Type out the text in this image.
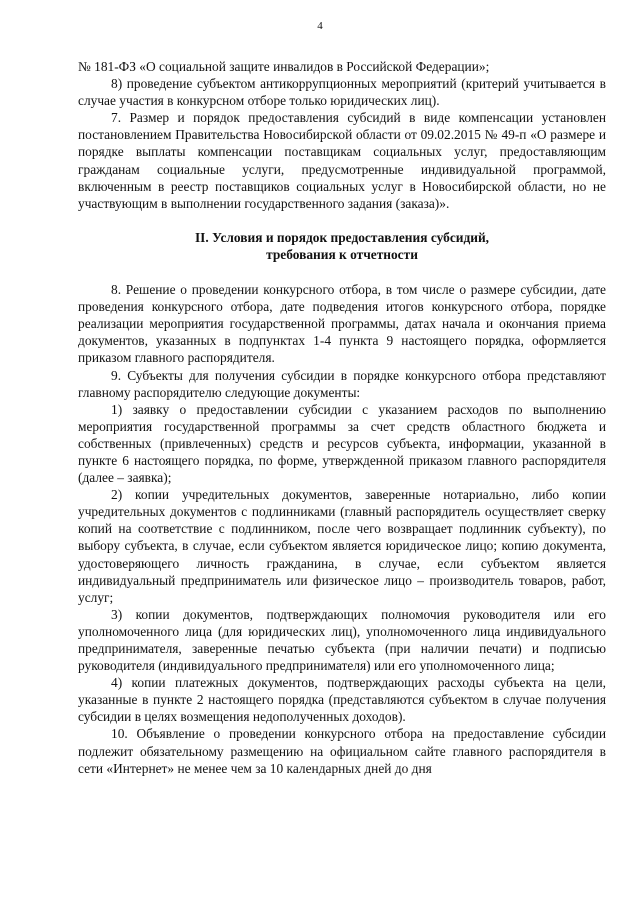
4

№ 181-ФЗ «О социальной защите инвалидов в Российской Федерации»;

8) проведение субъектом антикоррупционных мероприятий (критерий учитывается в случае участия в конкурсном отборе только юридических лиц).

7. Размер и порядок предоставления субсидий в виде компенсации установлен постановлением Правительства Новосибирской области от 09.02.2015 № 49-п «О размере и порядке выплаты компенсации поставщикам социальных услуг, предоставляющим гражданам социальные услуги, предусмотренные индивидуальной программой, включенным в реестр поставщиков социальных услуг в Новосибирской области, но не участвующим в выполнении государственного задания (заказа)».

II. Условия и порядок предоставления субсидий,
требования к отчетности

8. Решение о проведении конкурсного отбора, в том числе о размере субсидии, дате проведения конкурсного отбора, дате подведения итогов конкурсного отбора, порядке реализации мероприятия государственной программы, датах начала и окончания приема документов, указанных в подпунктах 1-4 пункта 9 настоящего порядка, оформляется приказом главного распорядителя.

9. Субъекты для получения субсидии в порядке конкурсного отбора представляют главному распорядителю следующие документы:

1) заявку о предоставлении субсидии с указанием расходов по выполнению мероприятия государственной программы за счет средств областного бюджета и собственных (привлеченных) средств и ресурсов субъекта, информации, указанной в пункте 6 настоящего порядка, по форме, утвержденной приказом главного распорядителя (далее – заявка);

2) копии учредительных документов, заверенные нотариально, либо копии учредительных документов с подлинниками (главный распорядитель осуществляет сверку копий на соответствие с подлинником, после чего возвращает подлинник субъекту), по выбору субъекта, в случае, если субъектом является юридическое лицо; копию документа, удостоверяющего личность гражданина, в случае, если субъектом является индивидуальный предприниматель или физическое лицо – производитель товаров, работ, услуг;

3) копии документов, подтверждающих полномочия руководителя или его уполномоченного лица (для юридических лиц), уполномоченного лица индивидуального предпринимателя, заверенные печатью субъекта (при наличии печати) и подписью руководителя (индивидуального предпринимателя) или его уполномоченного лица;

4) копии платежных документов, подтверждающих расходы субъекта на цели, указанные в пункте 2 настоящего порядка (представляются субъектом в случае получения субсидии в целях возмещения недополученных доходов).

10. Объявление о проведении конкурсного отбора на предоставление субсидии подлежит обязательному размещению на официальном сайте главного распорядителя в сети «Интернет» не менее чем за 10 календарных дней до дня
